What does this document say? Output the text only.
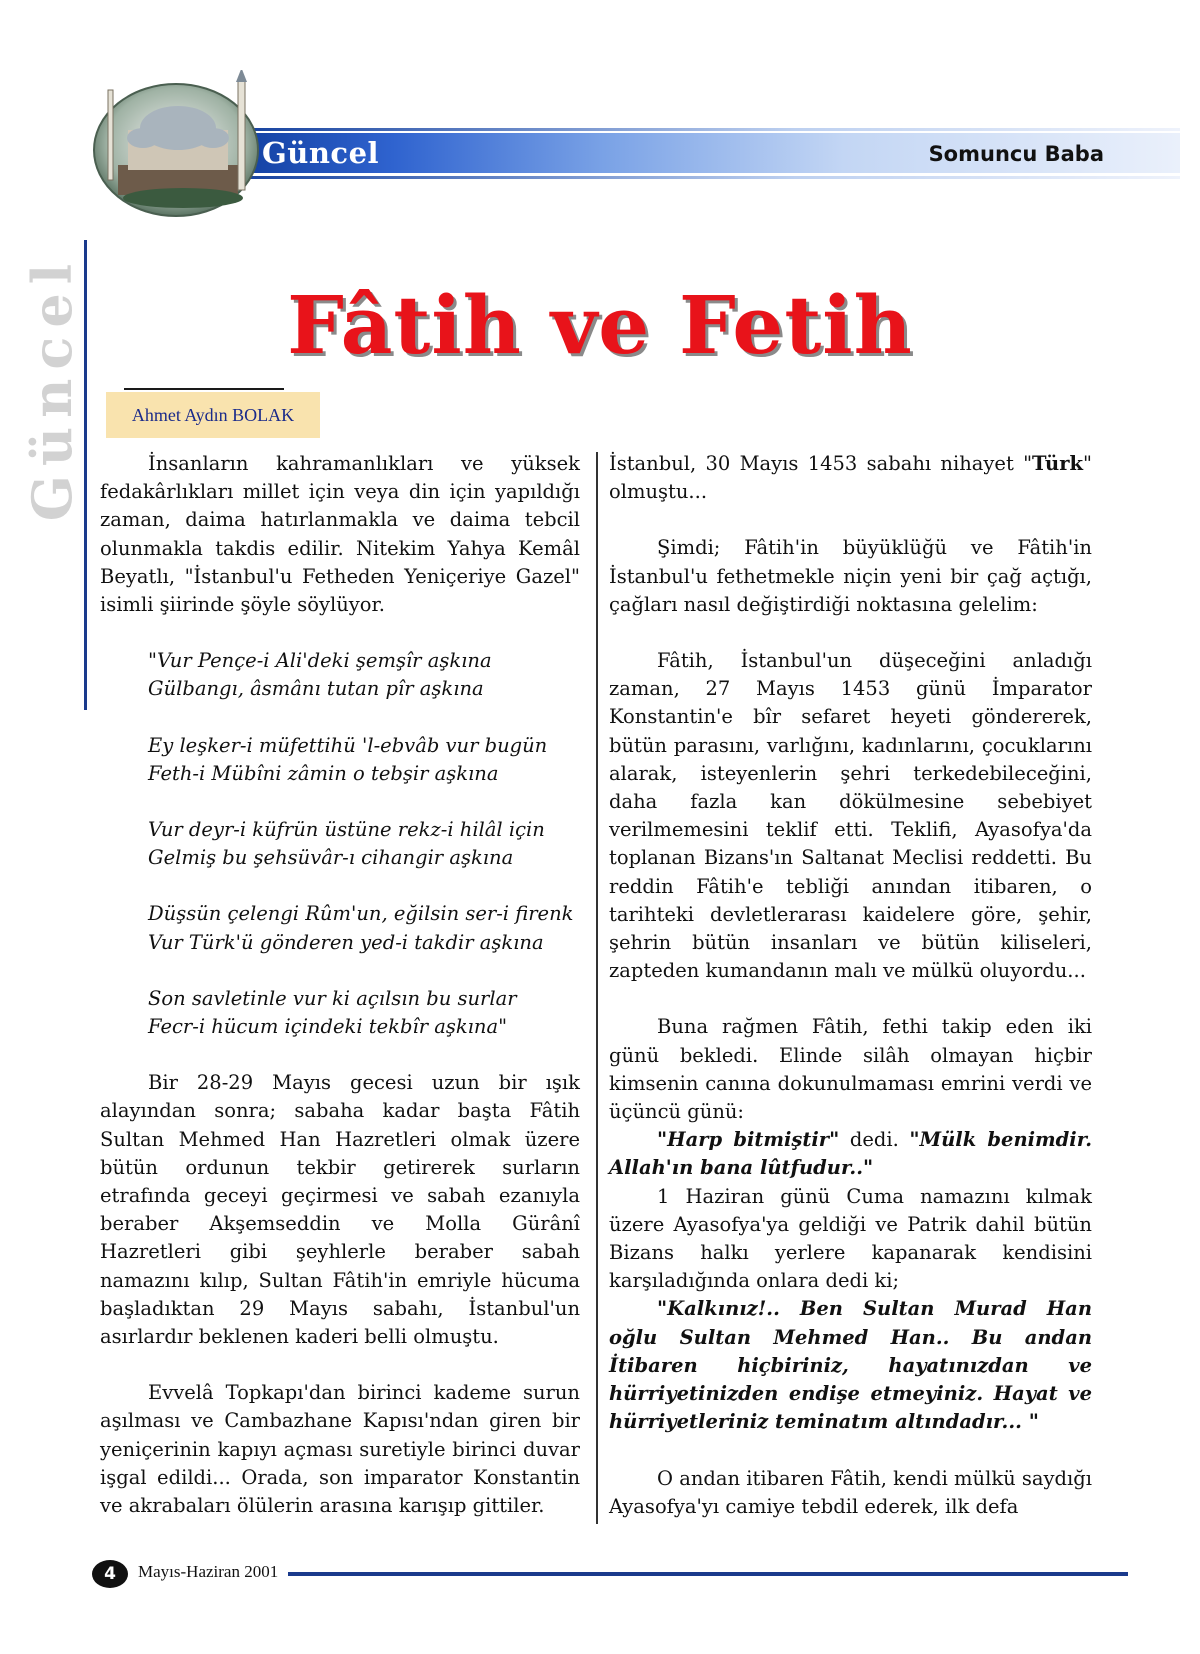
Güncel	Somuncu Baba
Güncel	Fâtih ve Fetih
Ahmet Aydın BOLAK

İnsanların kahramanlıkları ve yüksek fedakârlıkları millet için veya din için yapıldığı zaman, daima hatırlanmakla ve daima tebcil olunmakla takdis edilir. Nitekim Yahya Kemâl Beyatlı, "İstanbul'u Fetheden Yeniçeriye Gazel" isimli şiirinde şöyle söylüyor.

"Vur Pençe-i Ali'deki şemşîr aşkına
Gülbangı, âsmânı tutan pîr aşkına
Ey leşker-i müfettihü 'l-ebvâb vur bugün
Feth-i Mübîni zâmin o tebşir aşkına
Vur deyr-i küfrün üstüne rekz-i hilâl için
Gelmiş bu şehsüvâr-ı cihangir aşkına
Düşsün çelengi Rûm'un, eğilsin ser-i firenk
Vur Türk'ü gönderen yed-i takdir aşkına
Son savletinle vur ki açılsın bu surlar
Fecr-i hücum içindeki tekbîr aşkına"

Bir 28-29 Mayıs gecesi uzun bir ışık alayından sonra; sabaha kadar başta Fâtih Sultan Mehmed Han Hazretleri olmak üzere bütün ordunun tekbir getirerek surların etrafında geceyi geçirmesi ve sabah ezanıyla beraber Akşemseddin ve Molla Gürânî Hazretleri gibi şeyhlerle beraber sabah namazını kılıp, Sultan Fâtih'in emriyle hücuma başladıktan 29 Mayıs sabahı, İstanbul'un asırlardır beklenen kaderi belli olmuştu.

Evvelâ Topkapı'dan birinci kademe surun aşılması ve Cambazhane Kapısı'ndan giren bir yeniçerinin kapıyı açması suretiyle birinci duvar işgal edildi... Orada, son imparator Konstantin ve akrabaları ölülerin arasına karışıp gittiler.

İstanbul, 30 Mayıs 1453 sabahı nihayet "Türk" olmuştu...

Şimdi; Fâtih'in büyüklüğü ve Fâtih'in İstanbul'u fethetmekle niçin yeni bir çağ açtığı, çağları nasıl değiştirdiği noktasına gelelim:

Fâtih, İstanbul'un düşeceğini anladığı zaman, 27 Mayıs 1453 günü İmparator Konstantin'e bîr sefaret heyeti göndererek, bütün parasını, varlığını, kadınlarını, çocuklarını alarak, isteyenlerin şehri terkedebileceğini, daha fazla kan dökülmesine sebebiyet verilmemesini teklif etti. Teklifi, Ayasofya'da toplanan Bizans'ın Saltanat Meclisi reddetti. Bu reddin Fâtih'e tebliği anından itibaren, o tarihteki devletlerarası kaidelere göre, şehir, şehrin bütün insanları ve bütün kiliseleri, zapteden kumandanın malı ve mülkü oluyordu...

Buna rağmen Fâtih, fethi takip eden iki günü bekledi. Elinde silâh olmayan hiçbir kimsenin canına dokunulmaması emrini verdi ve üçüncü günü:

"Harp bitmiştir" dedi. "Mülk benimdir. Allah'ın bana lûtfudur.."

1 Haziran günü Cuma namazını kılmak üzere Ayasofya'ya geldiği ve Patrik dahil bütün Bizans halkı yerlere kapanarak kendisini karşıladığında onlara dedi ki;

"Kalkınız!.. Ben Sultan Murad Han oğlu Sultan Mehmed Han.. Bu andan İtibaren hiçbiriniz, hayatınızdan ve hürriyetinizden endişe etmeyiniz. Hayat ve hürriyetleriniz teminatım altındadır... "

O andan itibaren Fâtih, kendi mülkü saydığı Ayasofya'yı camiye tebdil ederek, ilk defa

4	Mayıs-Haziran 2001
